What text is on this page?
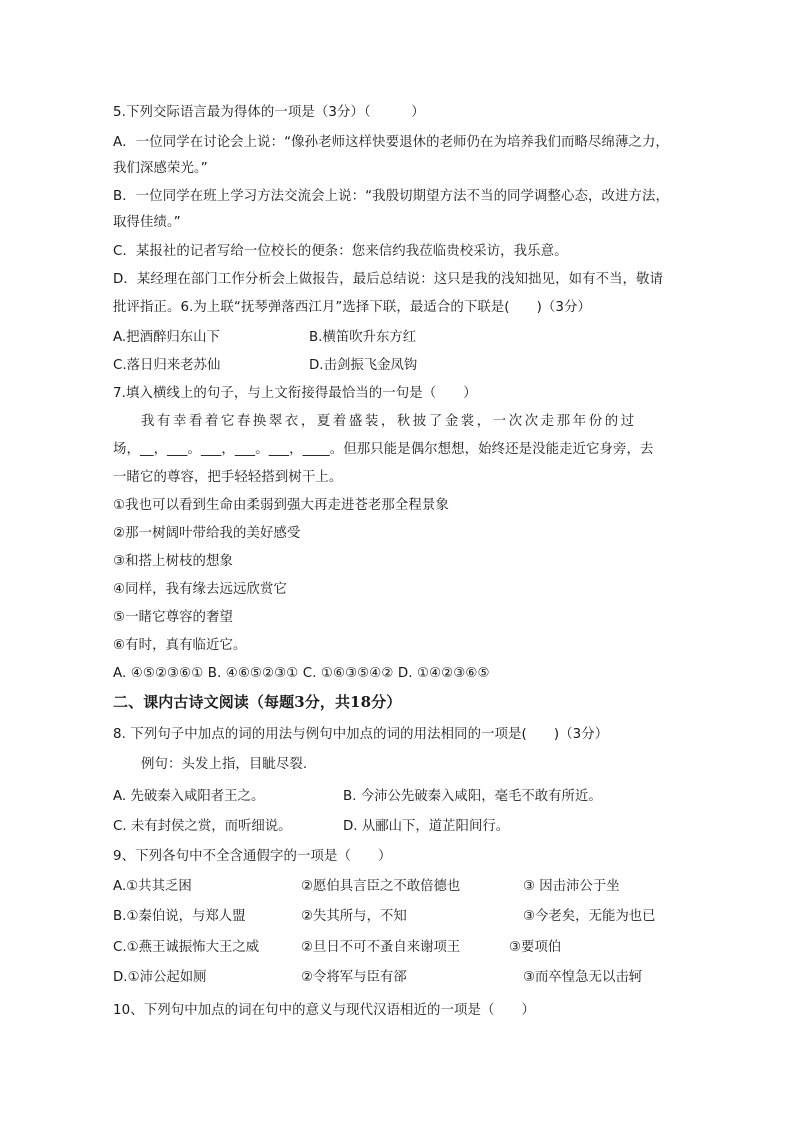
5.下列交际语言最为得体的一项是（3分）（　　　）
A．一位同学在讨论会上说：“像孙老师这样快要退休的老师仍在为培养我们而略尽绵薄之力，
我们深感荣光。”
B．一位同学在班上学习方法交流会上说：“我殷切期望方法不当的同学调整心态，改进方法，
取得佳绩。”
C．某报社的记者写给一位校长的便条：您来信约我莅临贵校采访，我乐意。
D．某经理在部门工作分析会上做报告，最后总结说：这只是我的浅知拙见，如有不当，敬请
批评指正。6.为上联“抚琴弹落西江月”选择下联，最适合的下联是(　　)（3分）
A.把酒醉归东山下	B.横笛吹升东方红
C.落日归来老苏仙	D.击剑振飞金凤钩
7.填入横线上的句子，与上文衔接得最恰当的一句是（　　）
我有幸看着它春换翠衣，夏着盛装，秋披了金裳，一次次走那年份的过
场，__，___。___，___。___，____。但那只能是偶尔想想，始终还是没能走近它身旁，去
一睹它的尊容，把手轻轻搭到树干上。
①我也可以看到生命由柔弱到强大再走进苍老那全程景象
②那一树阔叶带给我的美好感受
③和搭上树枝的想象
④同样，我有缘去远远欣赏它
⑤一睹它尊容的奢望
⑥有时，真有临近它。
A. ④⑤②③⑥① B. ④⑥⑤②③① C. ①⑥③⑤④② D. ①④②③⑥⑤
二、课内古诗文阅读（每题3分，共18分）
8. 下列句子中加点的词的用法与例句中加点的词的用法相同的一项是(　　)（3分）
例句：头发上指，目眦尽裂.
A. 先破秦入咸阳者王之。	B. 今沛公先破秦入咸阳，毫毛不敢有所近。
C. 未有封侯之赏，而听细说。	D. 从郦山下，道芷阳间行。
9、下列各句中不全含通假字的一项是（　　）
A.①共其乏困	②愿伯具言臣之不敢倍德也	③ 因击沛公于坐
B.①秦伯说，与郑人盟	②失其所与，不知	③今老矣，无能为也已
C.①燕王诚振怖大王之威	②旦日不可不蚤自来谢项王	③要项伯
D.①沛公起如厕	②令将军与臣有郤	③而卒惶急无以击轲
10、下列句中加点的词在句中的意义与现代汉语相近的一项是（　　）
